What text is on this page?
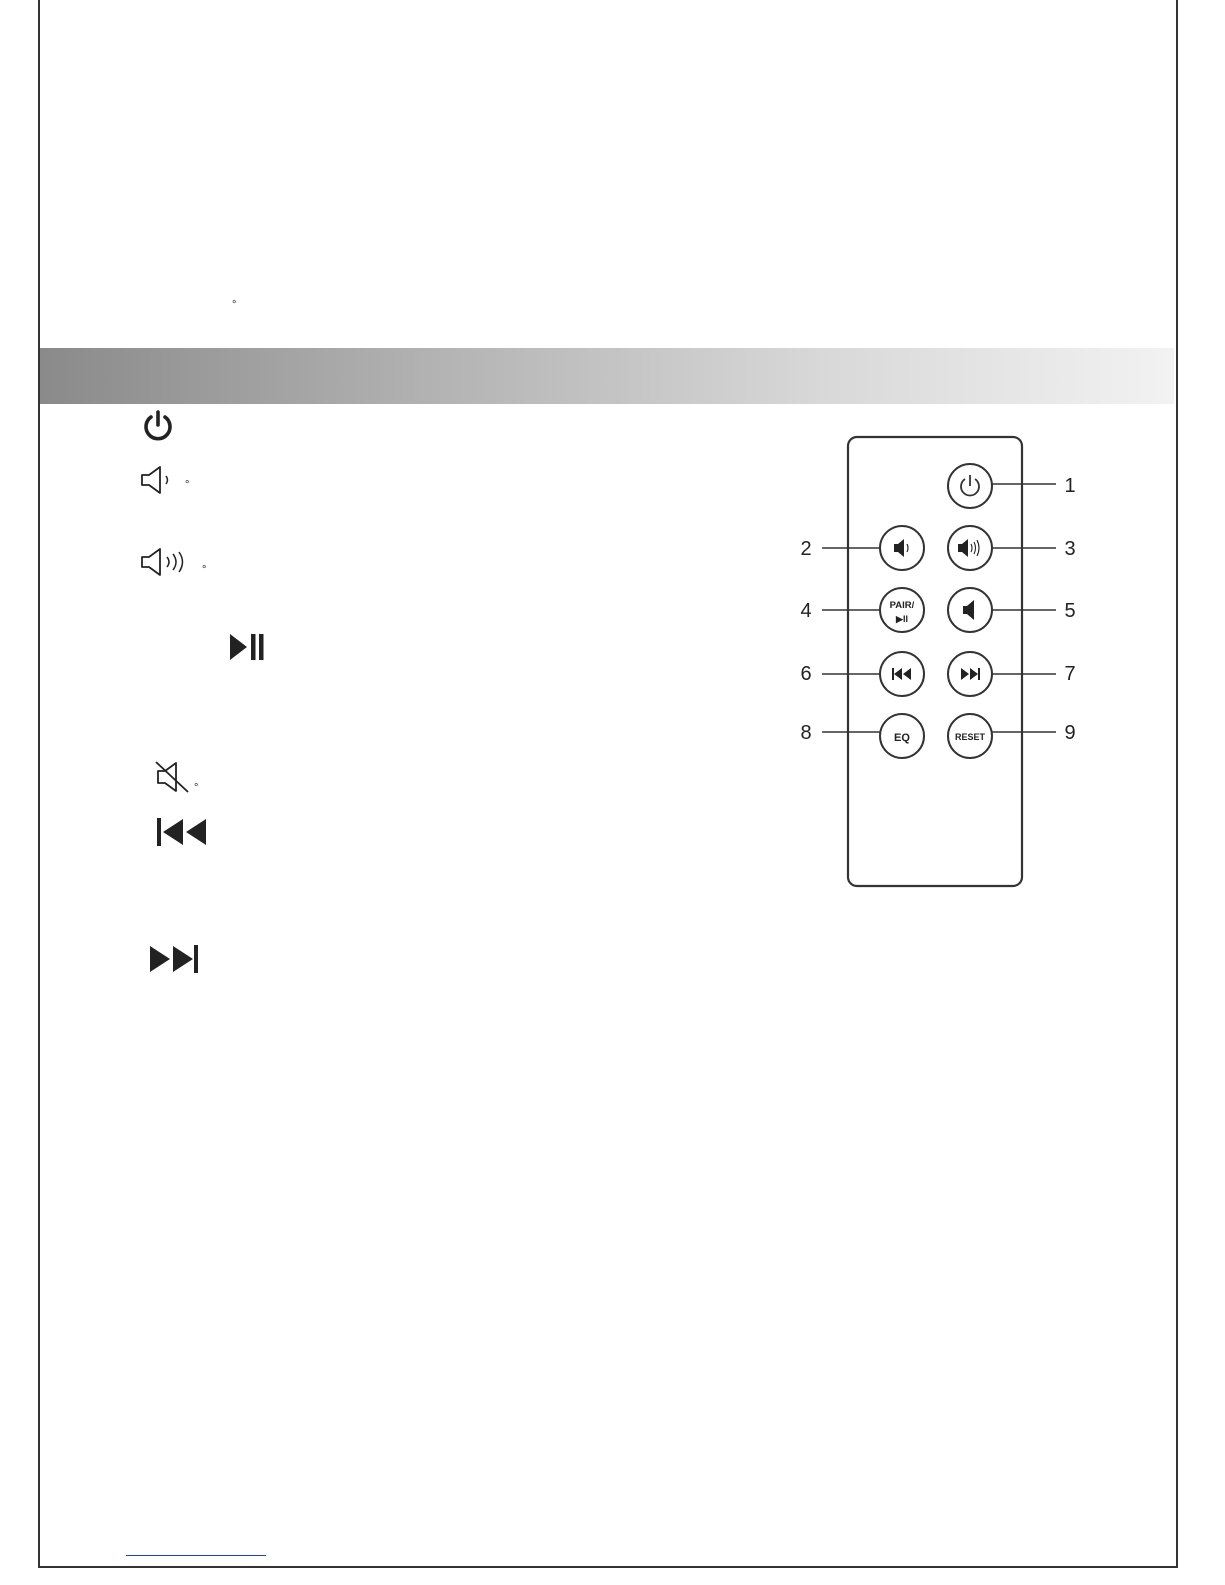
°
°
°
°
PAIR/
▶II
EQ	RESET
1
2	3
4	5
6	7
8	9
